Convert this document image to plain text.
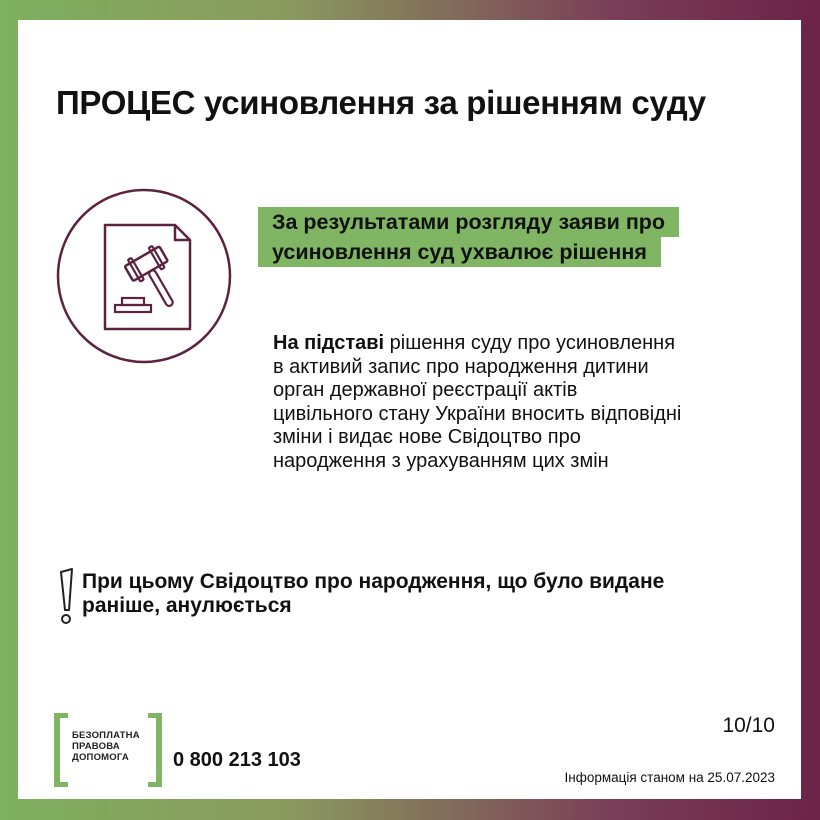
ПРОЦЕС усиновлення за рішенням суду
За результатами розгляду заяви про
усиновлення суд ухвалює рішення
На підставі рішення суду про усиновлення
в активий запис про народження дитини
орган державної реєстрації актів
цивільного стану України вносить відповідні
зміни і видає нове Свідоцтво про
народження з урахуванням цих змін
При цьому Свідоцтво про народження, що було видане
раніше, анулюється
БЕЗОПЛАТНА
ПРАВОВА
ДОПОМОГА	0 800 213 103
10/10
Інформація станом на 25.07.2023
